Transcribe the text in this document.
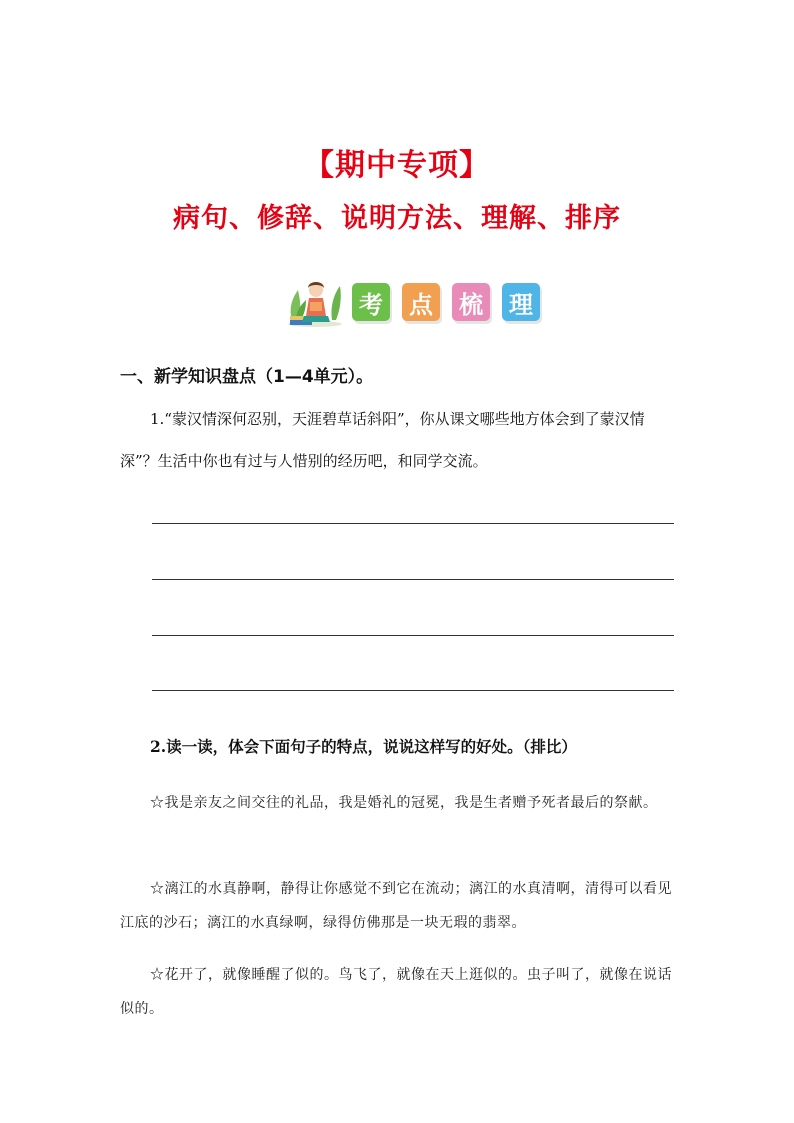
【期中专项】
病句、修辞、说明方法、理解、排序
考 点 梳 理
一、新学知识盘点（1—4单元）。
1.“蒙汉情深何忍别，天涯碧草话斜阳”，你从课文哪些地方体会到了蒙汉情深”？生活中你也有过与人惜别的经历吧，和同学交流。
2.读一读，体会下面句子的特点，说说这样写的好处。（排比）
☆我是亲友之间交往的礼品，我是婚礼的冠冕，我是生者赠予死者最后的祭献。
☆漓江的水真静啊，静得让你感觉不到它在流动；漓江的水真清啊，清得可以看见江底的沙石；漓江的水真绿啊，绿得仿佛那是一块无瑕的翡翠。
☆花开了，就像睡醒了似的。鸟飞了，就像在天上逛似的。虫子叫了，就像在说话似的。
